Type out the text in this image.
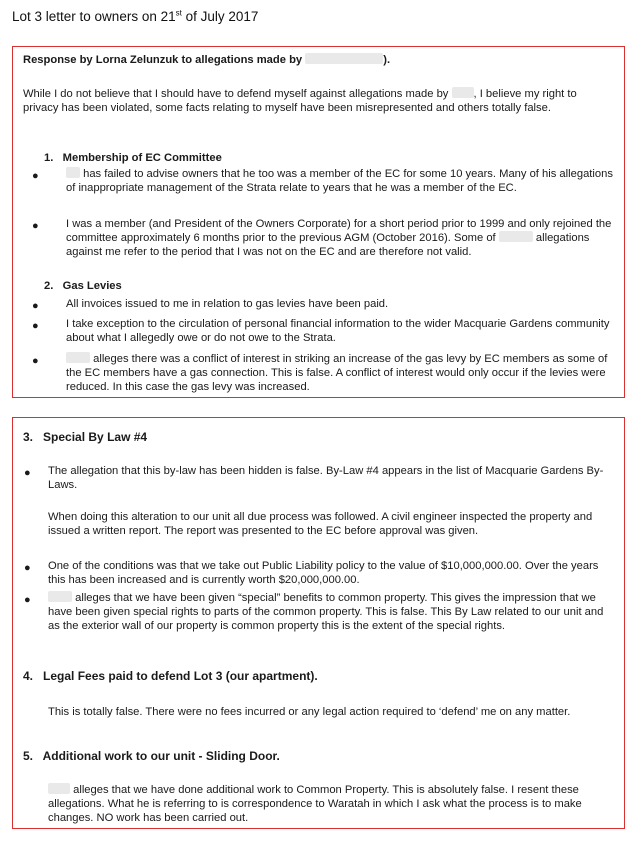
Lot 3 letter to owners on 21st of July 2017
Response by Lorna Zelunzuk to allegations made by	).
While I do not believe that I should have to defend myself against allegations made by , I believe my right to privacy has been violated, some facts relating to myself have been misrepresented and others totally false.
1. Membership of EC Committee
●	has failed to advise owners that he too was a member of the EC for some 10 years. Many of his allegations of inappropriate management of the Strata relate to years that he was a member of the EC.
● I was a member (and President of the Owners Corporate) for a short period prior to 1999 and only rejoined the committee approximately 6 months prior to the previous AGM (October 2016). Some of	allegations against me refer to the period that I was not on the EC and are therefore not valid.
2. Gas Levies
● All invoices issued to me in relation to gas levies have been paid.
● I take exception to the circulation of personal financial information to the wider Macquarie Gardens community about what I allegedly owe or do not owe to the Strata.
●	alleges there was a conflict of interest in striking an increase of the gas levy by EC members as some of the EC members have a gas connection. This is false. A conflict of interest would only occur if the levies were reduced. In this case the gas levy was increased.
3. Special By Law #4
● The allegation that this by-law has been hidden is false. By-Law #4 appears in the list of Macquarie Gardens By-Laws.
When doing this alteration to our unit all due process was followed. A civil engineer inspected the property and issued a written report. The report was presented to the EC before approval was given.
● One of the conditions was that we take out Public Liability policy to the value of $10,000,000.00. Over the years this has been increased and is currently worth $20,000,000.00.
●	alleges that we have been given “special” benefits to common property. This gives the impression that we have been given special rights to parts of the common property. This is false. This By Law related to our unit and as the exterior wall of our property is common property this is the extent of the special rights.
4. Legal Fees paid to defend Lot 3 (our apartment).
This is totally false. There were no fees incurred or any legal action required to ‘defend’ me on any matter.
5. Additional work to our unit - Sliding Door.
alleges that we have done additional work to Common Property. This is absolutely false. I resent these allegations. What he is referring to is correspondence to Waratah in which I ask what the process is to make changes. NO work has been carried out.
